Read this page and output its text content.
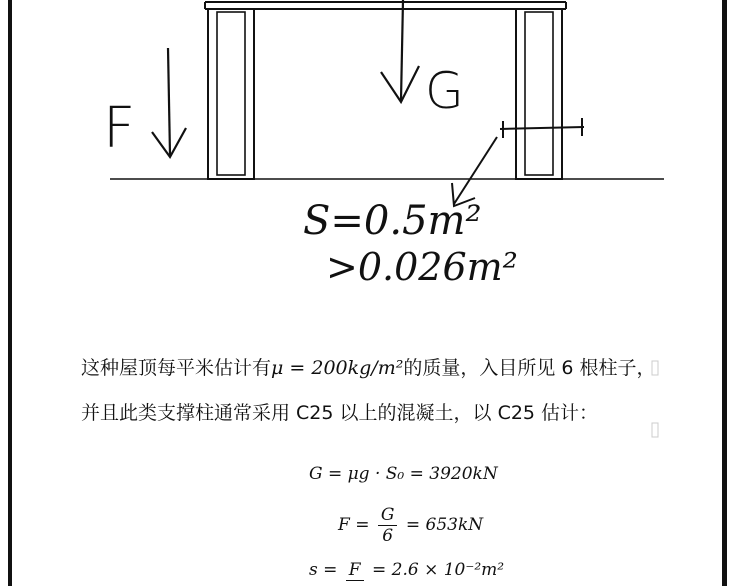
F
G
S=0.5m²
>0.026m²
这种屋顶每平米估计有μ = 200kg/m²的质量，入目所见 6 根柱子，
并且此类支撑柱通常采用 C25 以上的混凝土，以 C25 估计：
G = μg · S₀ = 3920kN
$F = \frac{G}{6} = 653kN$
s = F = 2.6 × 10⁻²m²
